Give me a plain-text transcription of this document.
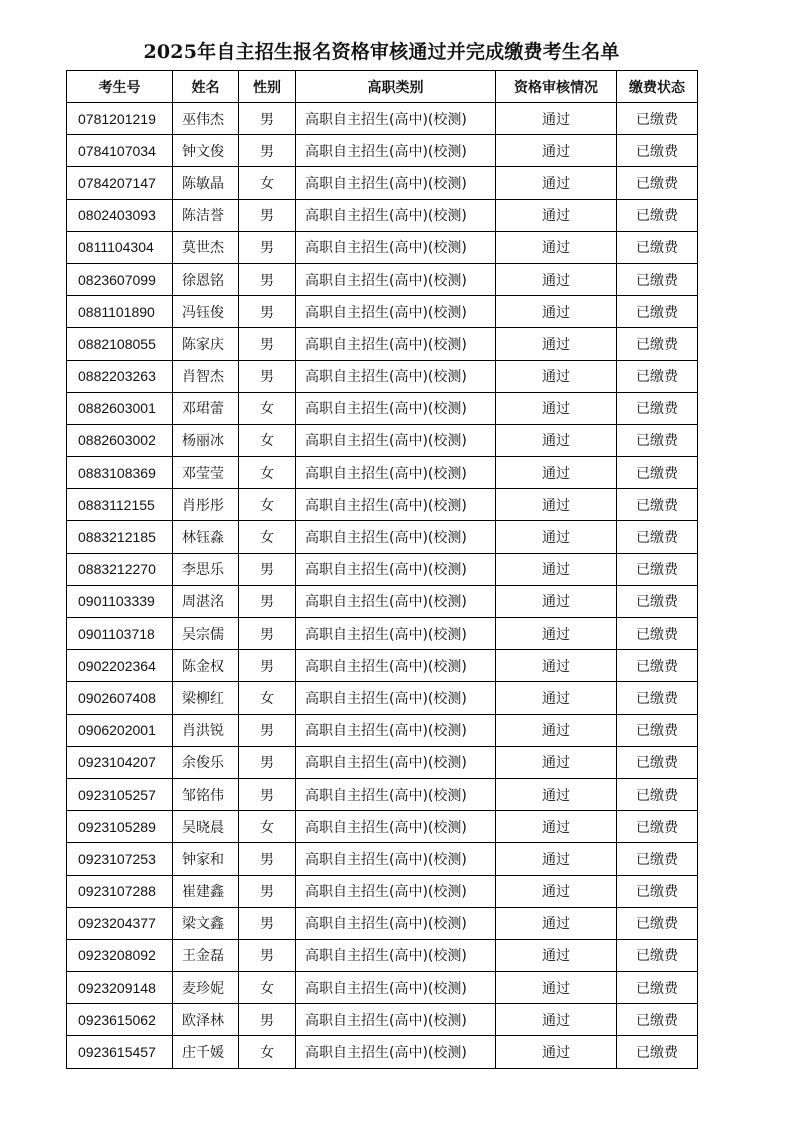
2025年自主招生报名资格审核通过并完成缴费考生名单
考生号	姓名	性别	高职类别	资格审核情况	缴费状态
0781201219	巫伟杰	男	高职自主招生(高中)(校测)	通过	已缴费
0784107034	钟文俊	男	高职自主招生(高中)(校测)	通过	已缴费
0784207147	陈敏晶	女	高职自主招生(高中)(校测)	通过	已缴费
0802403093	陈洁誉	男	高职自主招生(高中)(校测)	通过	已缴费
0811104304	莫世杰	男	高职自主招生(高中)(校测)	通过	已缴费
0823607099	徐恩铭	男	高职自主招生(高中)(校测)	通过	已缴费
0881101890	冯钰俊	男	高职自主招生(高中)(校测)	通过	已缴费
0882108055	陈家庆	男	高职自主招生(高中)(校测)	通过	已缴费
0882203263	肖智杰	男	高职自主招生(高中)(校测)	通过	已缴费
0882603001	邓珺蕾	女	高职自主招生(高中)(校测)	通过	已缴费
0882603002	杨丽冰	女	高职自主招生(高中)(校测)	通过	已缴费
0883108369	邓莹莹	女	高职自主招生(高中)(校测)	通过	已缴费
0883112155	肖彤彤	女	高职自主招生(高中)(校测)	通过	已缴费
0883212185	林钰淼	女	高职自主招生(高中)(校测)	通过	已缴费
0883212270	李思乐	男	高职自主招生(高中)(校测)	通过	已缴费
0901103339	周湛洺	男	高职自主招生(高中)(校测)	通过	已缴费
0901103718	吴宗儒	男	高职自主招生(高中)(校测)	通过	已缴费
0902202364	陈金权	男	高职自主招生(高中)(校测)	通过	已缴费
0902607408	梁柳红	女	高职自主招生(高中)(校测)	通过	已缴费
0906202001	肖洪锐	男	高职自主招生(高中)(校测)	通过	已缴费
0923104207	余俊乐	男	高职自主招生(高中)(校测)	通过	已缴费
0923105257	邹铭伟	男	高职自主招生(高中)(校测)	通过	已缴费
0923105289	吴晓晨	女	高职自主招生(高中)(校测)	通过	已缴费
0923107253	钟家和	男	高职自主招生(高中)(校测)	通过	已缴费
0923107288	崔建鑫	男	高职自主招生(高中)(校测)	通过	已缴费
0923204377	梁文鑫	男	高职自主招生(高中)(校测)	通过	已缴费
0923208092	王金磊	男	高职自主招生(高中)(校测)	通过	已缴费
0923209148	麦珍妮	女	高职自主招生(高中)(校测)	通过	已缴费
0923615062	欧泽林	男	高职自主招生(高中)(校测)	通过	已缴费
0923615457	庄千媛	女	高职自主招生(高中)(校测)	通过	已缴费
